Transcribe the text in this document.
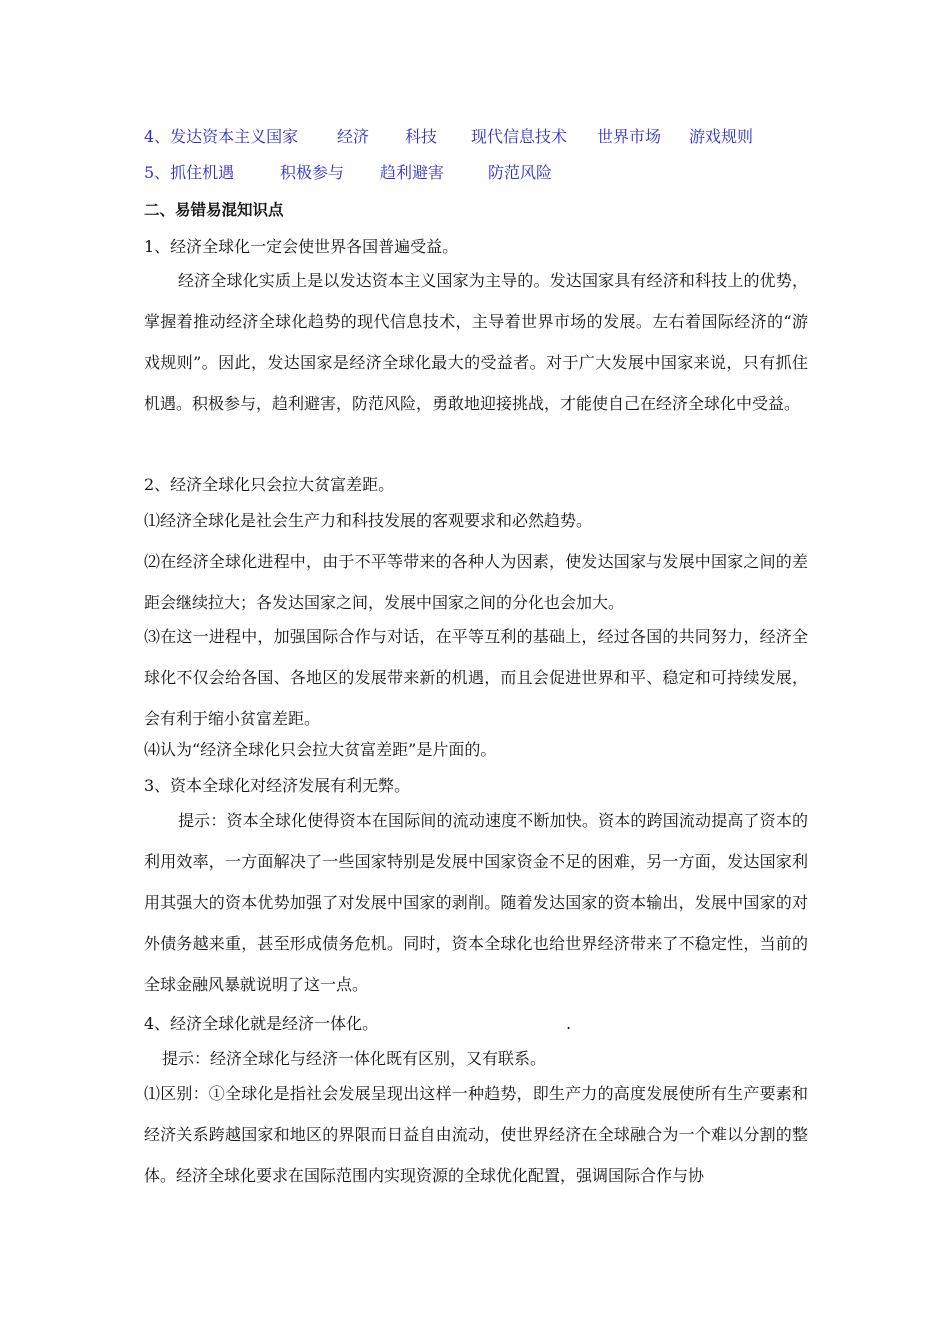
4、发达资本主义国家 经济 科技 现代信息技术 世界市场 游戏规则
5、抓住机遇	积极参与 趋利避害	防范风险
二、易错易混知识点
1、经济全球化一定会使世界各国普遍受益。
经济全球化实质上是以发达资本主义国家为主导的。发达国家具有经济和科技上的优势，掌握着推动经济全球化趋势的现代信息技术，主导着世界市场的发展。左右着国际经济的“游戏规则”。因此，发达国家是经济全球化最大的受益者。对于广大发展中国家来说，只有抓住机遇。积极参与，趋利避害，防范风险，勇敢地迎接挑战，才能使自己在经济全球化中受益。
2、经济全球化只会拉大贫富差距。
⑴经济全球化是社会生产力和科技发展的客观要求和必然趋势。
⑵在经济全球化进程中，由于不平等带来的各种人为因素，使发达国家与发展中国家之间的差距会继续拉大；各发达国家之间，发展中国家之间的分化也会加大。
⑶在这一进程中，加强国际合作与对话，在平等互利的基础上，经过各国的共同努力，经济全球化不仅会给各国、各地区的发展带来新的机遇，而且会促进世界和平、稳定和可持续发展，会有利于缩小贫富差距。
⑷认为“经济全球化只会拉大贫富差距”是片面的。
3、资本全球化对经济发展有利无弊。
提示：资本全球化使得资本在国际间的流动速度不断加快。资本的跨国流动提高了资本的利用效率，一方面解决了一些国家特别是发展中国家资金不足的困难，另一方面，发达国家利用其强大的资本优势加强了对发展中国家的剥削。随着发达国家的资本输出，发展中国家的对外债务越来重，甚至形成债务危机。同时，资本全球化也给世界经济带来了不稳定性，当前的全球金融风暴就说明了这一点。
4、经济全球化就是经济一体化。	.
提示：经济全球化与经济一体化既有区别，又有联系。
⑴区别：①全球化是指社会发展呈现出这样一种趋势，即生产力的高度发展使所有生产要素和经济关系跨越国家和地区的界限而日益自由流动，使世界经济在全球融合为一个难以分割的整体。经济全球化要求在国际范围内实现资源的全球优化配置，强调国际合作与协
